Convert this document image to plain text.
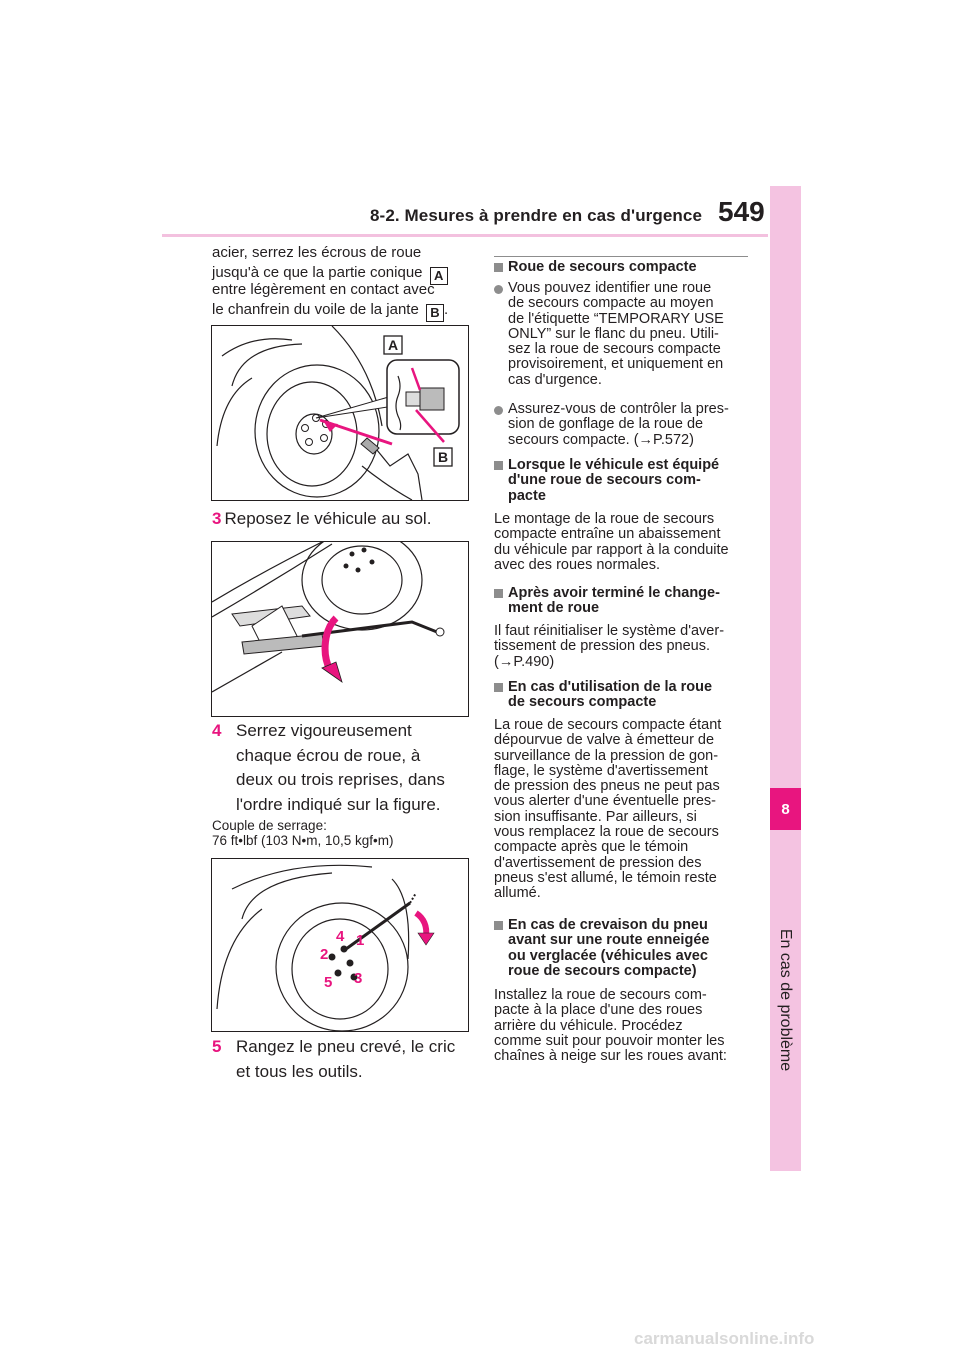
8-2. Mesures à prendre en cas d'urgence 549
8
En cas de problème
acier, serrez les écrous de roue
jusqu'à ce que la partie conique A
entre légèrement en contact avec
le chanfrein du voile de la jante B .
A
B
3 Reposez le véhicule au sol.
4 Serrez vigoureusement
chaque écrou de roue, à
deux ou trois reprises, dans
l'ordre indiqué sur la figure.
Couple de serrage:
76 ft•lbf (103 N•m, 10,5 kgf•m)
1
2
3
4
5
5 Rangez le pneu crevé, le cric
et tous les outils.
Roue de secours compacte
Vous pouvez identifier une roue
de secours compacte au moyen
de l'étiquette “TEMPORARY USE
ONLY” sur le flanc du pneu. Utili-
sez la roue de secours compacte
provisoirement, et uniquement en
cas d'urgence.
Assurez-vous de contrôler la pres-
sion de gonflage de la roue de
secours compacte. (→P.572)
Lorsque le véhicule est équipé
d'une roue de secours com-
pacte
Le montage de la roue de secours
compacte entraîne un abaissement
du véhicule par rapport à la conduite
avec des roues normales.
Après avoir terminé le change-
ment de roue
Il faut réinitialiser le système d'aver-
tissement de pression des pneus.
(→P.490)
En cas d'utilisation de la roue
de secours compacte
La roue de secours compacte étant
dépourvue de valve à émetteur de
surveillance de la pression de gon-
flage, le système d'avertissement
de pression des pneus ne peut pas
vous alerter d'une éventuelle pres-
sion insuffisante. Par ailleurs, si
vous remplacez la roue de secours
compacte après que le témoin
d'avertissement de pression des
pneus s'est allumé, le témoin reste
allumé.
En cas de crevaison du pneu
avant sur une route enneigée
ou verglacée (véhicules avec
roue de secours compacte)
Installez la roue de secours com-
pacte à la place d'une des roues
arrière du véhicule. Procédez
comme suit pour pouvoir monter les
chaînes à neige sur les roues avant:
carmanualsonline.info
